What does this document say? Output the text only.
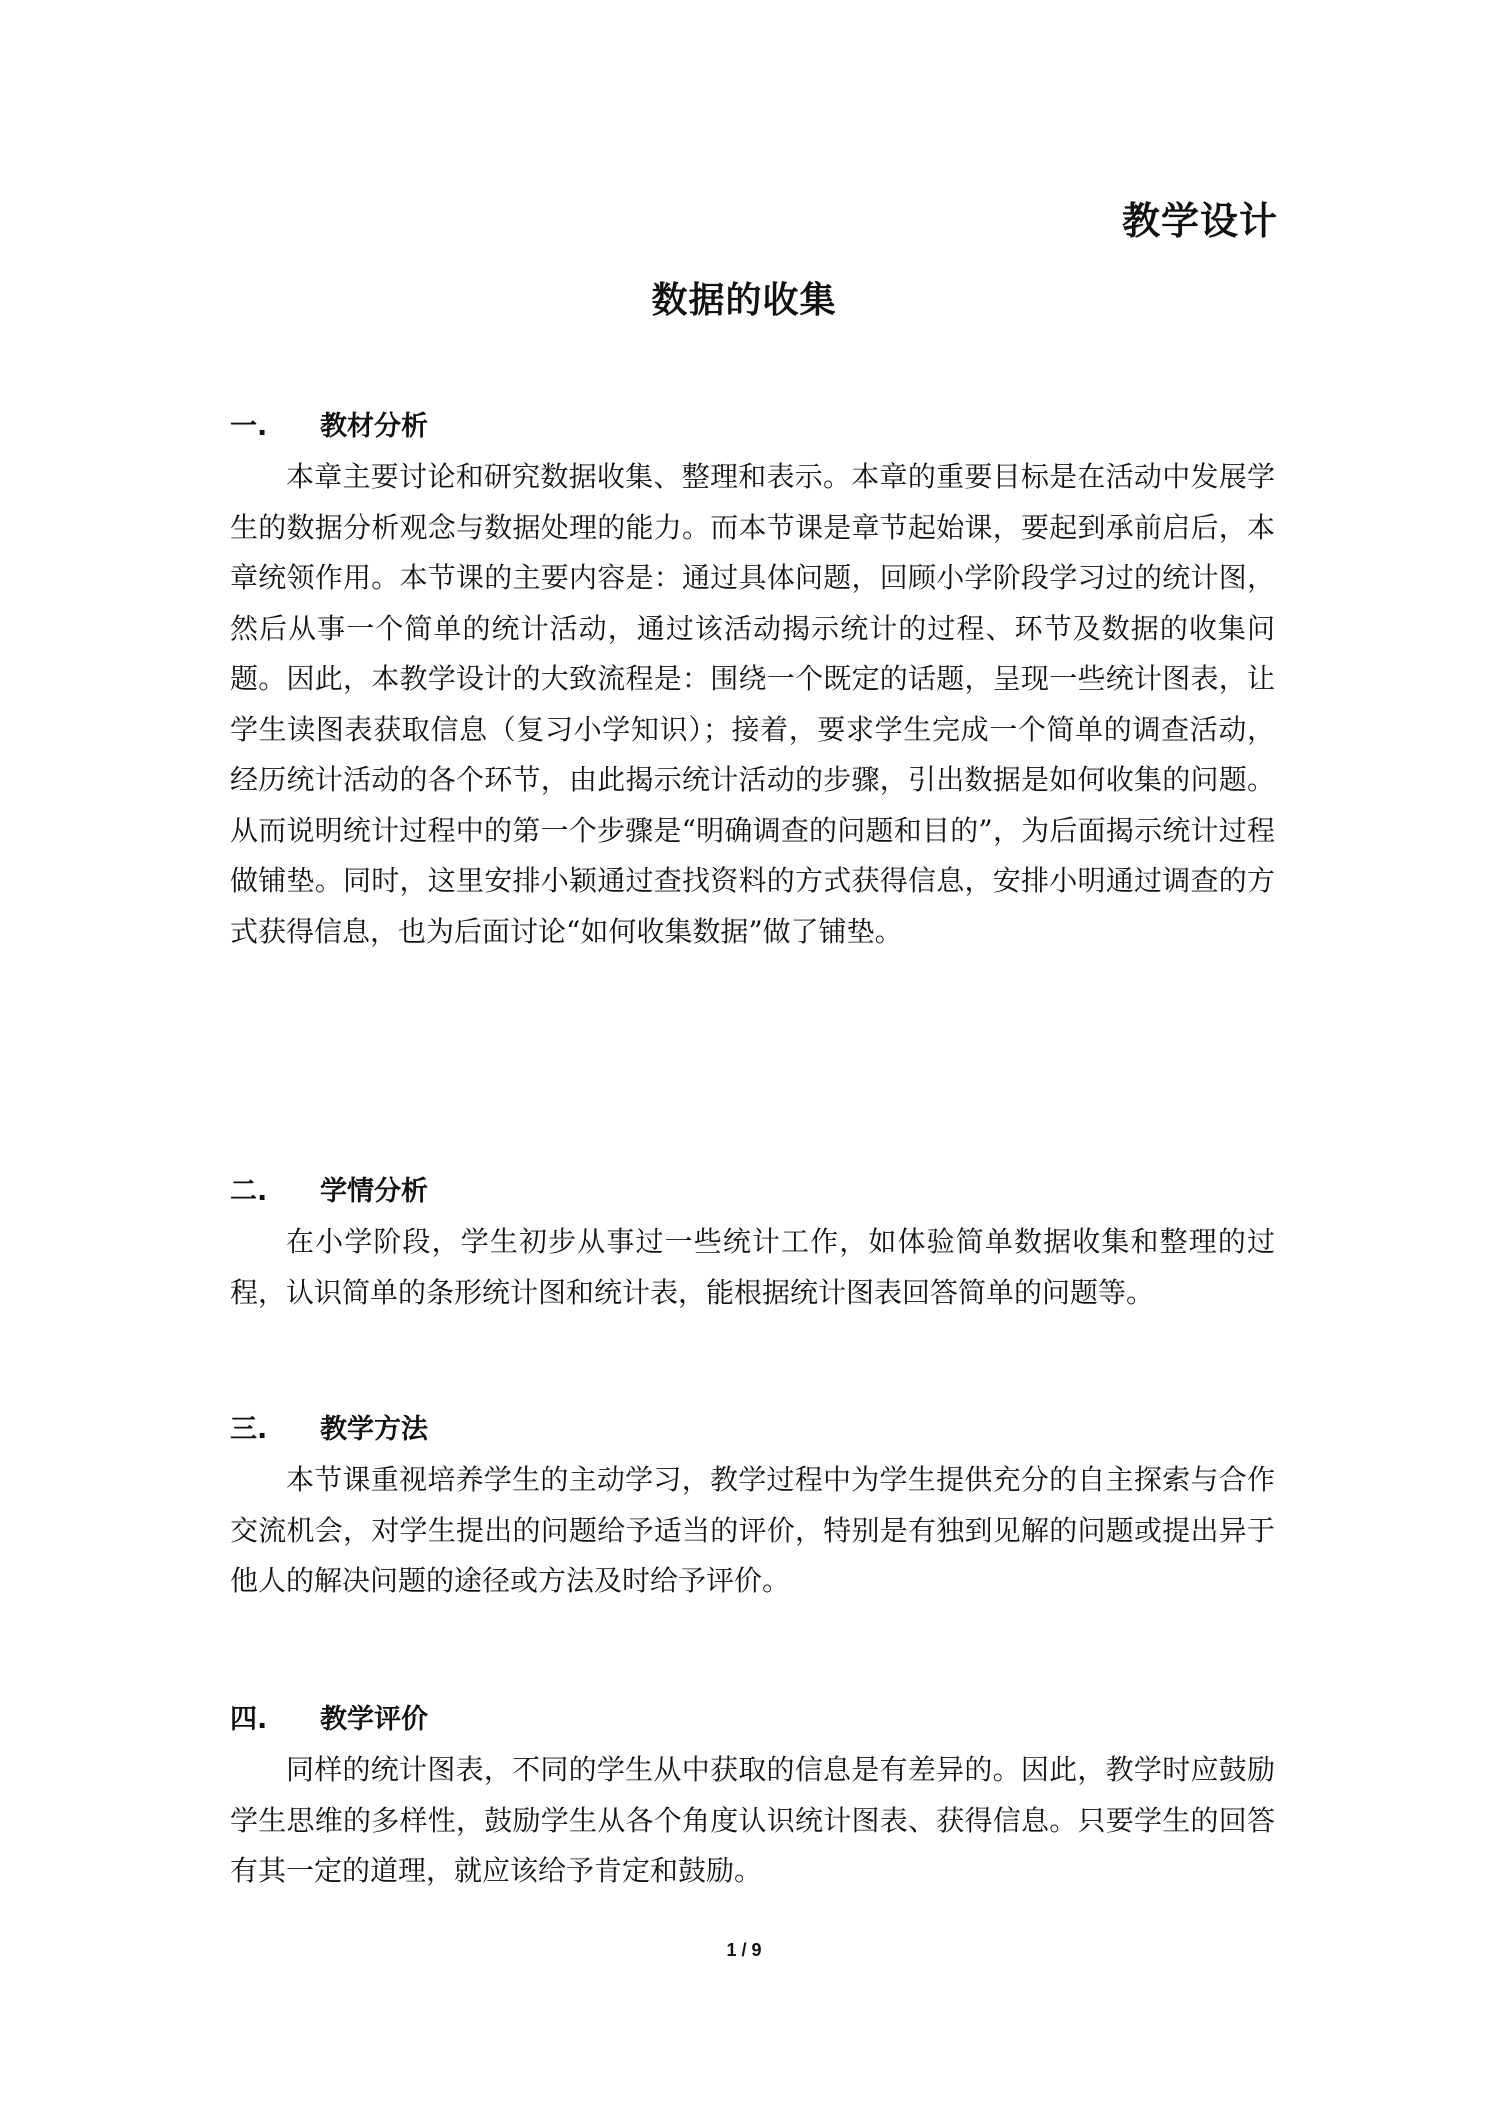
教学设计
数据的收集
一. 教材分析

本章主要讨论和研究数据收集、整理和表示。本章的重要目标是在活动中发展学生的数据分析观念与数据处理的能力。而本节课是章节起始课，要起到承前启后，本章统领作用。本节课的主要内容是：通过具体问题，回顾小学阶段学习过的统计图，然后从事一个简单的统计活动，通过该活动揭示统计的过程、环节及数据的收集问题。因此，本教学设计的大致流程是：围绕一个既定的话题，呈现一些统计图表，让学生读图表获取信息（复习小学知识）；接着，要求学生完成一个简单的调查活动，经历统计活动的各个环节，由此揭示统计活动的步骤，引出数据是如何收集的问题。从而说明统计过程中的第一个步骤是“明确调查的问题和目的”，为后面揭示统计过程做铺垫。同时，这里安排小颖通过查找资料的方式获得信息，安排小明通过调查的方式获得信息，也为后面讨论“如何收集数据”做了铺垫。

二. 学情分析

在小学阶段，学生初步从事过一些统计工作，如体验简单数据收集和整理的过程，认识简单的条形统计图和统计表，能根据统计图表回答简单的问题等。

三. 教学方法

本节课重视培养学生的主动学习，教学过程中为学生提供充分的自主探索与合作交流机会，对学生提出的问题给予适当的评价，特别是有独到见解的问题或提出异于他人的解决问题的途径或方法及时给予评价。

四. 教学评价

同样的统计图表，不同的学生从中获取的信息是有差异的。因此，教学时应鼓励学生思维的多样性，鼓励学生从各个角度认识统计图表、获得信息。只要学生的回答有其一定的道理，就应该给予肯定和鼓励。

1 / 9
